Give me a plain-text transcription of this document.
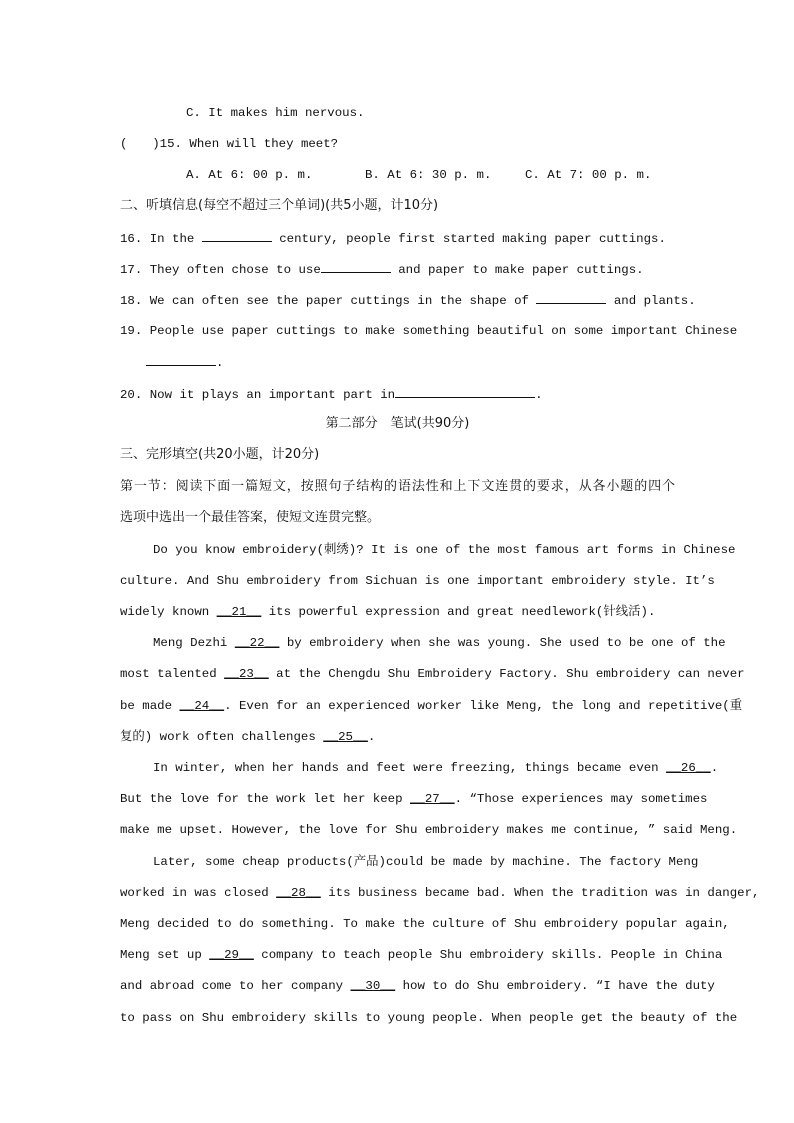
C. It makes him nervous.
(　　)15. When will they meet?
A. At 6: 00 p. m.	B. At 6: 30 p. m.	C. At 7: 00 p. m.
二、听填信息(每空不超过三个单词)(共5小题，计10分)
16. In the	century, people first started making paper cuttings.
17. They often chose to use	and paper to make paper cuttings.
18. We can often see the paper cuttings in the shape of	and plants.
19. People use paper cuttings to make something beautiful on some important Chinese
.
20. Now it plays an important part in	.
第二部分　笔试(共90分)
三、完形填空(共20小题，计20分)
第一节：阅读下面一篇短文，按照句子结构的语法性和上下文连贯的要求，从各小题的四个
选项中选出一个最佳答案，使短文连贯完整。
Do you know embroidery(刺绣)? It is one of the most famous art forms in Chinese
culture. And Shu embroidery from Sichuan is one important embroidery style. It’s
widely known __21__ its powerful expression and great needlework(针线活).
Meng Dezhi __22__ by embroidery when she was young. She used to be one of the
most talented __23__ at the Chengdu Shu Embroidery Factory. Shu embroidery can never
be made __24__. Even for an experienced worker like Meng, the long and repetitive(重
复的) work often challenges __25__.
In winter, when her hands and feet were freezing, things became even __26__.
But the love for the work let her keep __27__. “Those experiences may sometimes
make me upset. However, the love for Shu embroidery makes me continue, ” said Meng.
Later, some cheap products(产品)could be made by machine. The factory Meng
worked in was closed __28__ its business became bad. When the tradition was in danger,
Meng decided to do something. To make the culture of Shu embroidery popular again,
Meng set up __29__ company to teach people Shu embroidery skills. People in China
and abroad come to her company __30__ how to do Shu embroidery. “I have the duty
to pass on Shu embroidery skills to young people. When people get the beauty of the
